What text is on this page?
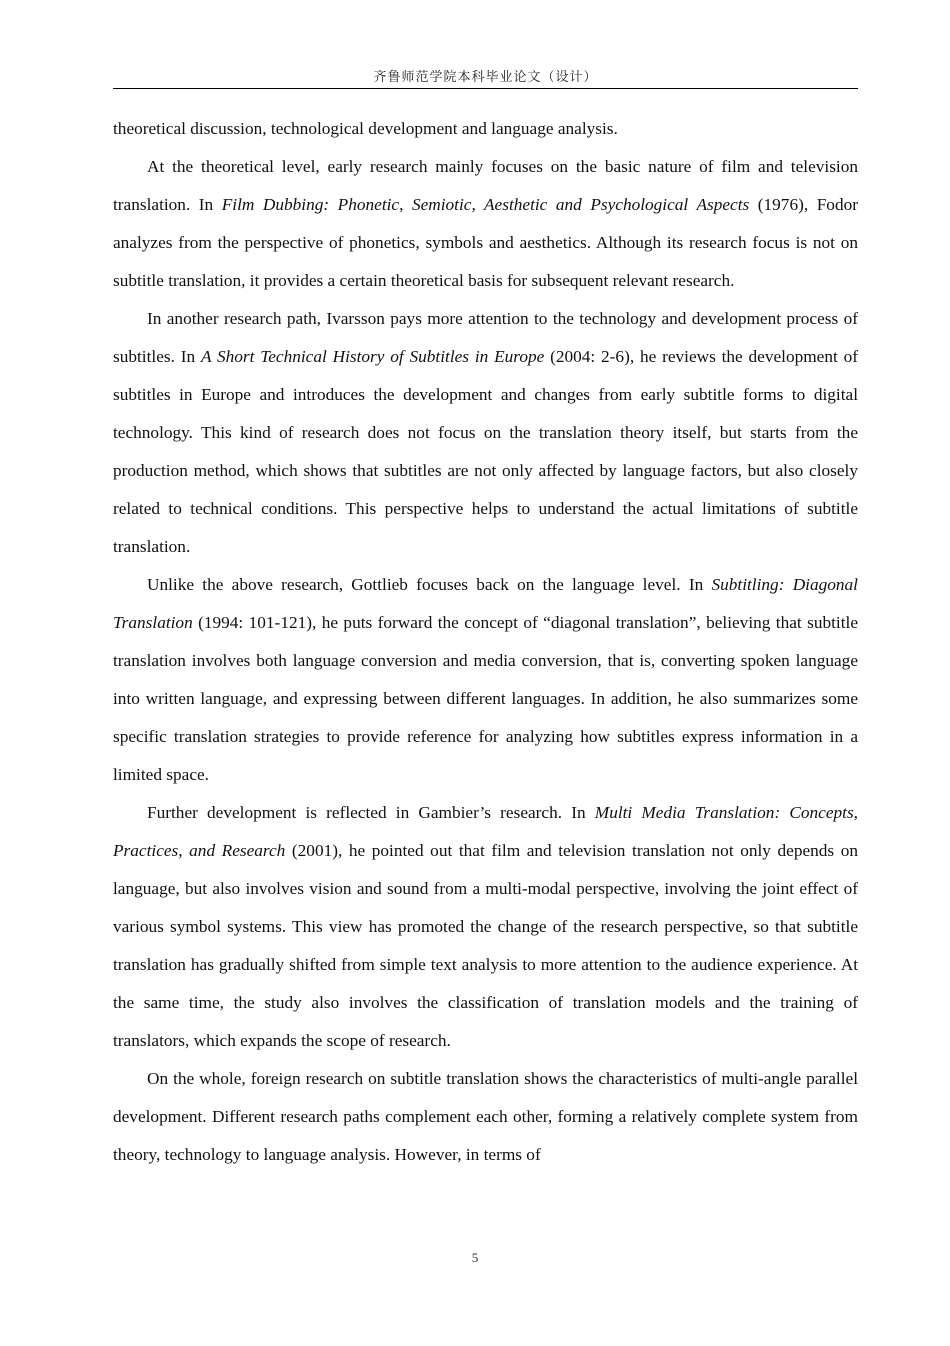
齐鲁师范学院本科毕业论文（设计）

theoretical discussion, technological development and language analysis.

At the theoretical level, early research mainly focuses on the basic nature of film and television translation. In Film Dubbing: Phonetic, Semiotic, Aesthetic and Psychological Aspects (1976), Fodor analyzes from the perspective of phonetics, symbols and aesthetics. Although its research focus is not on subtitle translation, it provides a certain theoretical basis for subsequent relevant research.

In another research path, Ivarsson pays more attention to the technology and development process of subtitles. In A Short Technical History of Subtitles in Europe (2004: 2-6), he reviews the development of subtitles in Europe and introduces the development and changes from early subtitle forms to digital technology. This kind of research does not focus on the translation theory itself, but starts from the production method, which shows that subtitles are not only affected by language factors, but also closely related to technical conditions. This perspective helps to understand the actual limitations of subtitle translation.

Unlike the above research, Gottlieb focuses back on the language level. In Subtitling: Diagonal Translation (1994: 101-121), he puts forward the concept of “diagonal translation”, believing that subtitle translation involves both language conversion and media conversion, that is, converting spoken language into written language, and expressing between different languages. In addition, he also summarizes some specific translation strategies to provide reference for analyzing how subtitles express information in a limited space.

Further development is reflected in Gambier’s research. In Multi Media Translation: Concepts, Practices, and Research (2001), he pointed out that film and television translation not only depends on language, but also involves vision and sound from a multi-modal perspective, involving the joint effect of various symbol systems. This view has promoted the change of the research perspective, so that subtitle translation has gradually shifted from simple text analysis to more attention to the audience experience. At the same time, the study also involves the classification of translation models and the training of translators, which expands the scope of research.

On the whole, foreign research on subtitle translation shows the characteristics of multi-angle parallel development. Different research paths complement each other, forming a relatively complete system from theory, technology to language analysis. However, in terms of

5
